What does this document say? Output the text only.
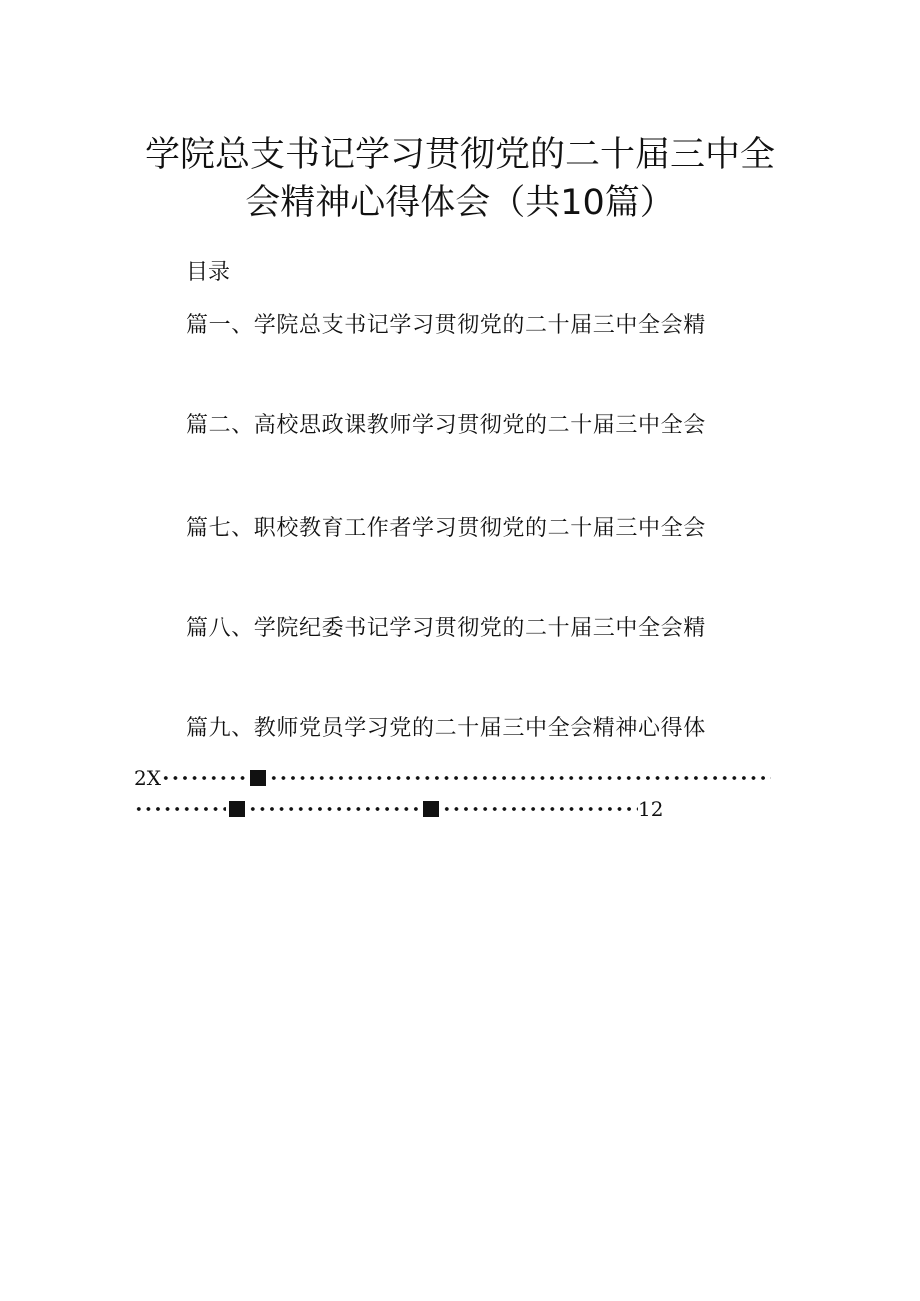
学院总支书记学习贯彻党的二十届三中全
会精神心得体会（共10篇）
目录
篇一、学院总支书记学习贯彻党的二十届三中全会精
篇二、高校思政课教师学习贯彻党的二十届三中全会
篇七、职校教育工作者学习贯彻党的二十届三中全会
篇八、学院纪委书记学习贯彻党的二十届三中全会精
篇九、教师党员学习党的二十届三中全会精神心得体
2X
12
